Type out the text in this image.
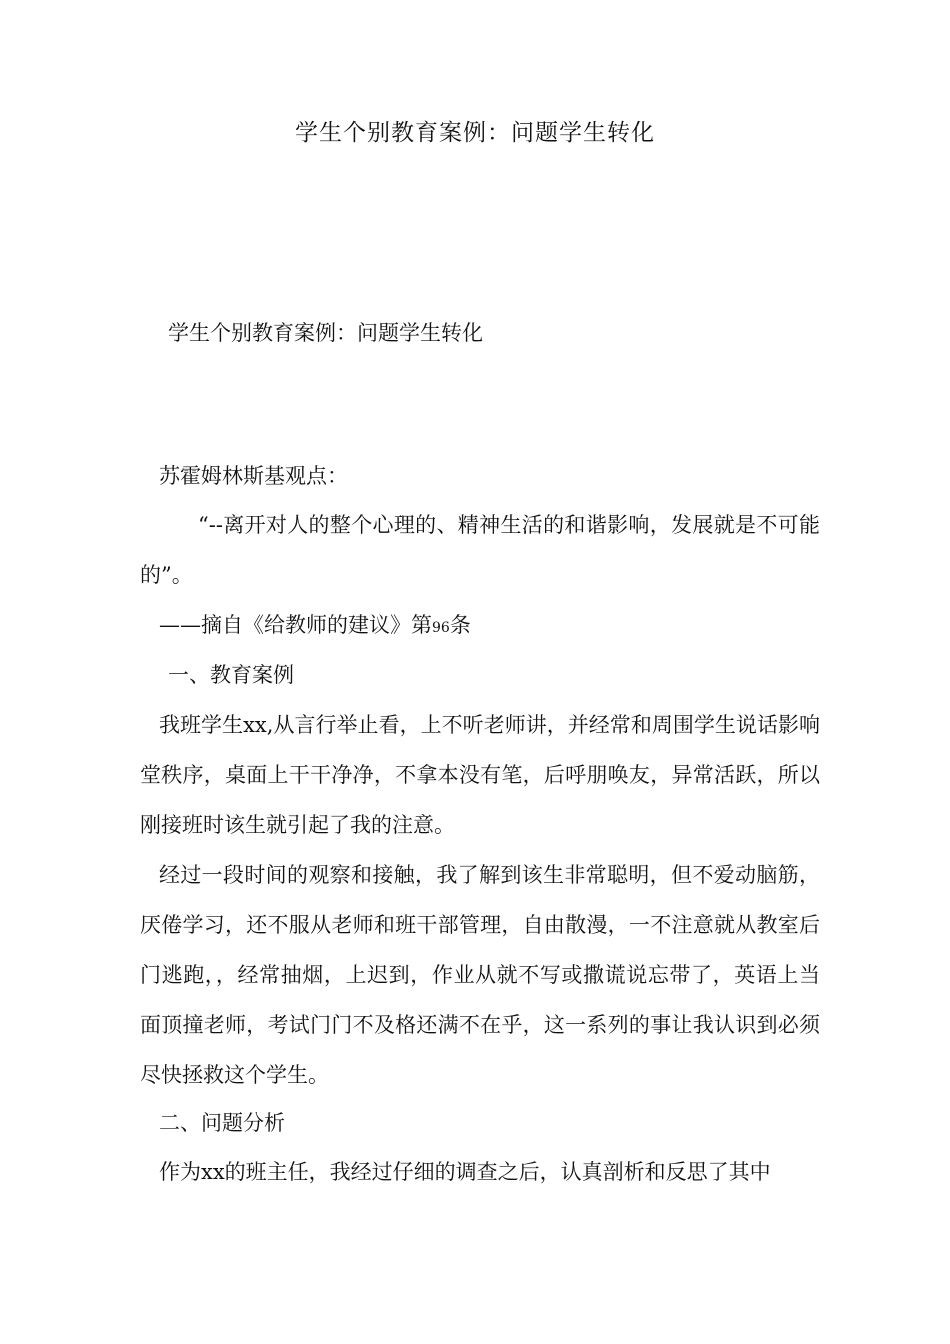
学生个别教育案例：问题学生转化
学生个别教育案例：问题学生转化
苏霍姆林斯基观点：
“--离开对人的整个心理的、精神生活的和谐影响，发展就是不可能的”。
——摘自《给教师的建议》第96条
一、教育案例
我班学生xx,从言行举止看，上不听老师讲，并经常和周围学生说话影响堂秩序，桌面上干干净净，不拿本没有笔，后呼朋唤友，异常活跃，所以刚接班时该生就引起了我的注意。
经过一段时间的观察和接触，我了解到该生非常聪明，但不爱动脑筋，厌倦学习，还不服从老师和班干部管理，自由散漫，一不注意就从教室后门逃跑，，经常抽烟，上迟到，作业从就不写或撒谎说忘带了，英语上当面顶撞老师，考试门门不及格还满不在乎，这一系列的事让我认识到必须尽快拯救这个学生。
二、问题分析
作为xx的班主任，我经过仔细的调查之后，认真剖析和反思了其中
